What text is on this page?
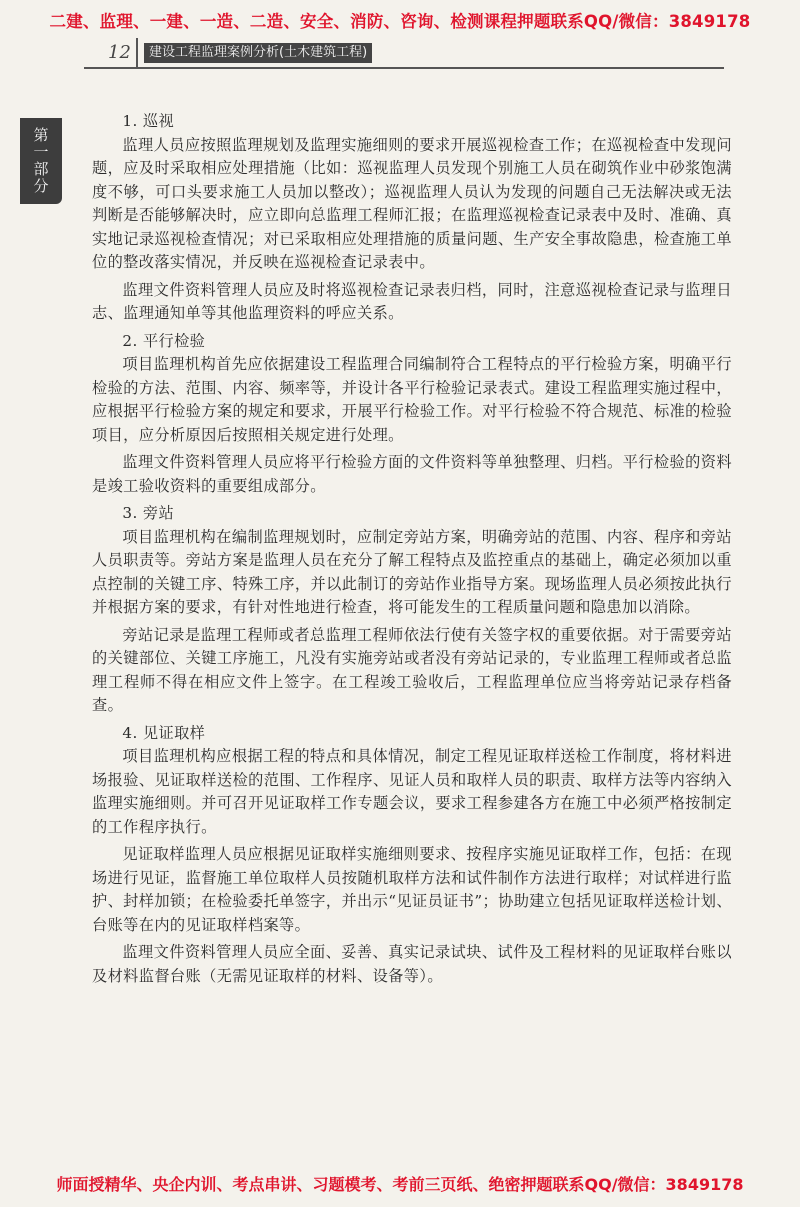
二建、监理、一建、一造、二造、安全、消防、咨询、检测课程押题联系QQ/微信：3849178
12	建设工程监理案例分析(土木建筑工程)
第一部分
1. 巡视

监理人员应按照监理规划及监理实施细则的要求开展巡视检查工作；在巡视检查中发现问题，应及时采取相应处理措施（比如：巡视监理人员发现个别施工人员在砌筑作业中砂浆饱满度不够，可口头要求施工人员加以整改）；巡视监理人员认为发现的问题自己无法解决或无法判断是否能够解决时，应立即向总监理工程师汇报；在监理巡视检查记录表中及时、准确、真实地记录巡视检查情况；对已采取相应处理措施的质量问题、生产安全事故隐患，检查施工单位的整改落实情况，并反映在巡视检查记录表中。

监理文件资料管理人员应及时将巡视检查记录表归档，同时，注意巡视检查记录与监理日志、监理通知单等其他监理资料的呼应关系。

2. 平行检验

项目监理机构首先应依据建设工程监理合同编制符合工程特点的平行检验方案，明确平行检验的方法、范围、内容、频率等，并设计各平行检验记录表式。建设工程监理实施过程中，应根据平行检验方案的规定和要求，开展平行检验工作。对平行检验不符合规范、标准的检验项目，应分析原因后按照相关规定进行处理。

监理文件资料管理人员应将平行检验方面的文件资料等单独整理、归档。平行检验的资料是竣工验收资料的重要组成部分。

3. 旁站

项目监理机构在编制监理规划时，应制定旁站方案，明确旁站的范围、内容、程序和旁站人员职责等。旁站方案是监理人员在充分了解工程特点及监控重点的基础上，确定必须加以重点控制的关键工序、特殊工序，并以此制订的旁站作业指导方案。现场监理人员必须按此执行并根据方案的要求，有针对性地进行检查，将可能发生的工程质量问题和隐患加以消除。

旁站记录是监理工程师或者总监理工程师依法行使有关签字权的重要依据。对于需要旁站的关键部位、关键工序施工，凡没有实施旁站或者没有旁站记录的，专业监理工程师或者总监理工程师不得在相应文件上签字。在工程竣工验收后，工程监理单位应当将旁站记录存档备查。

4. 见证取样

项目监理机构应根据工程的特点和具体情况，制定工程见证取样送检工作制度，将材料进场报验、见证取样送检的范围、工作程序、见证人员和取样人员的职责、取样方法等内容纳入监理实施细则。并可召开见证取样工作专题会议，要求工程参建各方在施工中必须严格按制定的工作程序执行。

见证取样监理人员应根据见证取样实施细则要求、按程序实施见证取样工作，包括：在现场进行见证，监督施工单位取样人员按随机取样方法和试件制作方法进行取样；对试样进行监护、封样加锁；在检验委托单签字，并出示“见证员证书”；协助建立包括见证取样送检计划、台账等在内的见证取样档案等。

监理文件资料管理人员应全面、妥善、真实记录试块、试件及工程材料的见证取样台账以及材料监督台账（无需见证取样的材料、设备等）。

师面授精华、央企内训、考点串讲、习题模考、考前三页纸、绝密押题联系QQ/微信：3849178
